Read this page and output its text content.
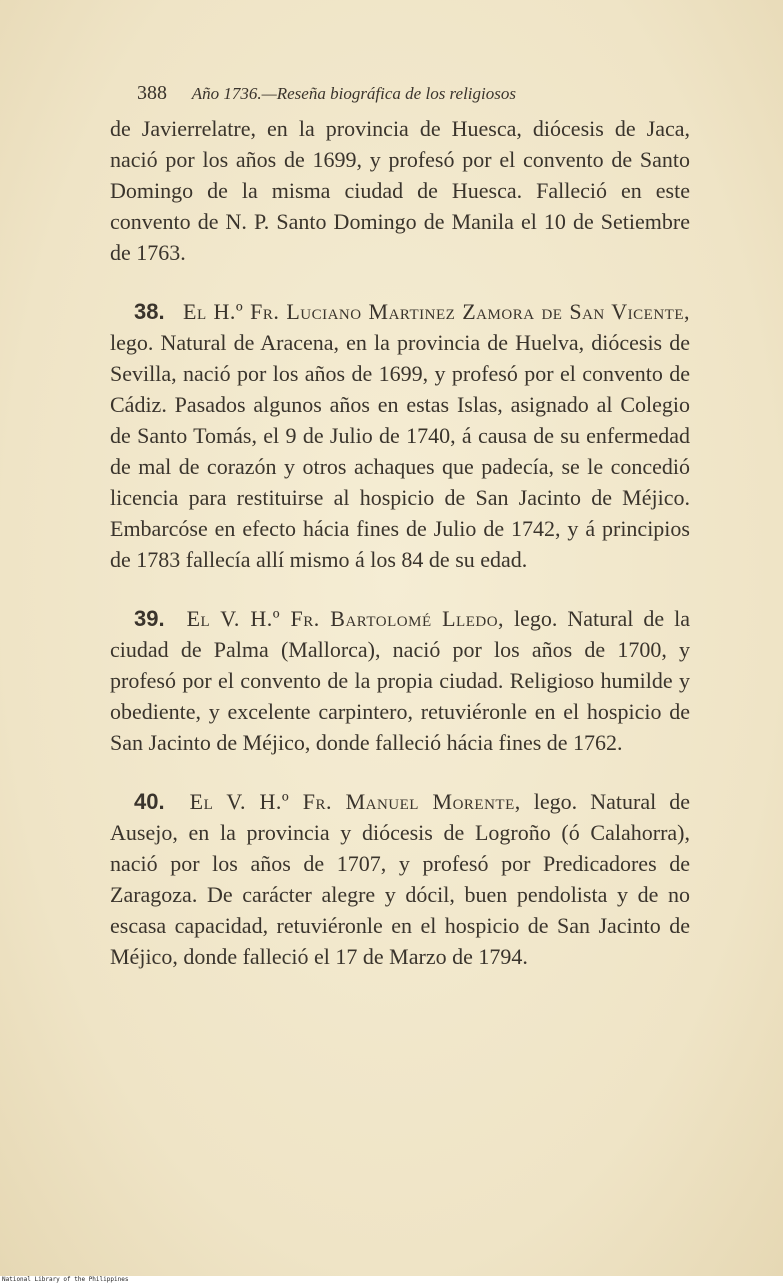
388 Año 1736.—Reseña biográfica de los religiosos

de Javierrelatre, en la provincia de Huesca, diócesis de Jaca, nació por los años de 1699, y profesó por el convento de Santo Domingo de la misma ciudad de Huesca. Falleció en este convento de N. P. Santo Domingo de Manila el 10 de Setiembre de 1763.

38. El H.º Fr. Luciano Martinez Zamora de San Vicente, lego. Natural de Aracena, en la provincia de Huelva, diócesis de Sevilla, nació por los años de 1699, y profesó por el convento de Cádiz. Pasados algunos años en estas Islas, asignado al Colegio de Santo Tomás, el 9 de Julio de 1740, á causa de su enfermedad de mal de corazón y otros achaques que padecía, se le concedió licencia para restituirse al hospicio de San Jacinto de Méjico. Embarcóse en efecto hácia fines de Julio de 1742, y á principios de 1783 fallecía allí mismo á los 84 de su edad.

39. El V. H.º Fr. Bartolomé Lledo, lego. Natural de la ciudad de Palma (Mallorca), nació por los años de 1700, y profesó por el convento de la propia ciudad. Religioso humilde y obediente, y excelente carpintero, retuviéronle en el hospicio de San Jacinto de Méjico, donde falleció hácia fines de 1762.

40. El V. H.º Fr. Manuel Morente, lego. Natural de Ausejo, en la provincia y diócesis de Logroño (ó Calahorra), nació por los años de 1707, y profesó por Predicadores de Zaragoza. De carácter alegre y dócil, buen pendolista y de no escasa capacidad, retuviéronle en el hospicio de San Jacinto de Méjico, donde falleció el 17 de Marzo de 1794.

National Library of the Philippines
